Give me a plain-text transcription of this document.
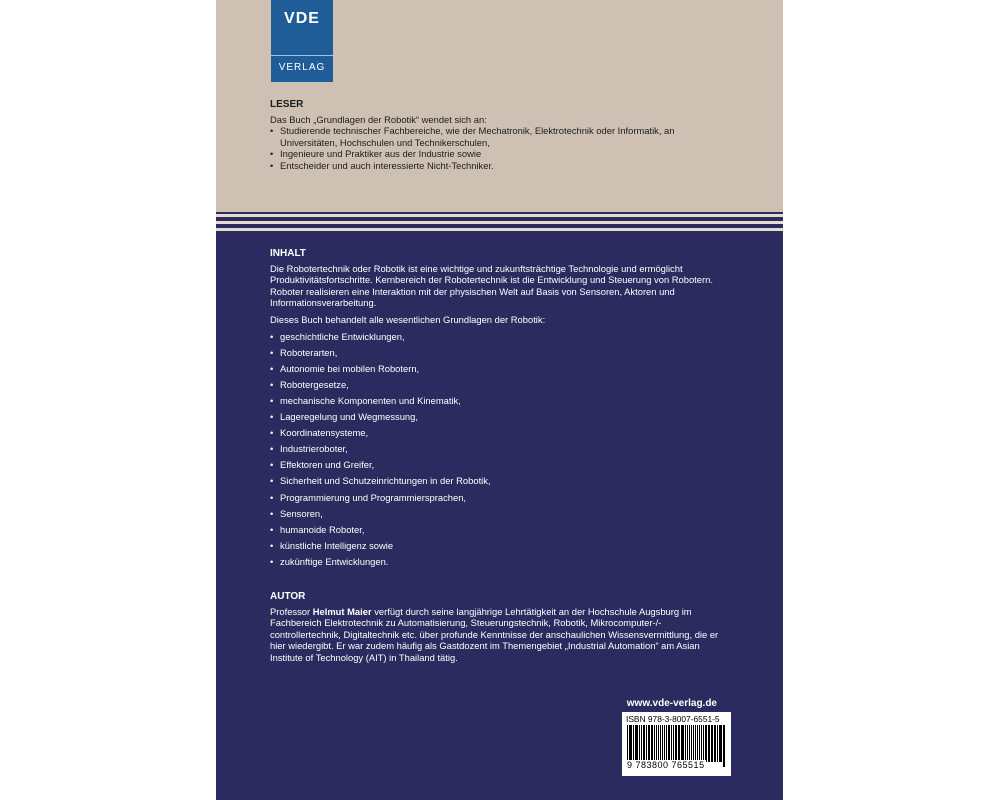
VDE
VERLAG
LESER
Das Buch „Grundlagen der Robotik“ wendet sich an:
• Studierende technischer Fachbereiche, wie der Mechatronik, Elektrotechnik oder Informatik, an Universitäten, Hochschulen und Technikerschulen,
• Ingenieure und Praktiker aus der Industrie sowie
• Entscheider und auch interessierte Nicht-Techniker.
INHALT

Die Robotertechnik oder Robotik ist eine wichtige und zukunftsträchtige Technologie und ermöglicht Produktivitätsfortschritte. Kernbereich der Robotertechnik ist die Entwicklung und Steuerung von Robotern. Roboter realisieren eine Interaktion mit der physischen Welt auf Basis von Sensoren, Aktoren und Informationsverarbeitung.

Dieses Buch behandelt alle wesentlichen Grundlagen der Robotik:

• geschichtliche Entwicklungen,
• Roboterarten,
• Autonomie bei mobilen Robotern,
• Robotergesetze,
• mechanische Komponenten und Kinematik,
• Lageregelung und Wegmessung,
• Koordinatensysteme,
• Industrieroboter,
• Effektoren und Greifer,
• Sicherheit und Schutzeinrichtungen in der Robotik,
• Programmierung und Programmiersprachen,
• Sensoren,
• humanoide Roboter,
• künstliche Intelligenz sowie
• zukünftige Entwicklungen.
AUTOR

Professor Helmut Maier verfügt durch seine langjährige Lehrtätigkeit an der Hochschule Augsburg im Fachbereich Elektrotechnik zu Automatisierung, Steuerungstechnik, Robotik, Mikrocomputer-/-controllertechnik, Digitaltechnik etc. über profunde Kenntnisse der anschaulichen Wissensvermittlung, die er hier wiedergibt. Er war zudem häufig als Gastdozent im Themengebiet „Industrial Automation“ am Asian Institute of Technology (AIT) in Thailand tätig.

www.vde-verlag.de
ISBN 978-3-8007-6551-5
9 783800 765515
